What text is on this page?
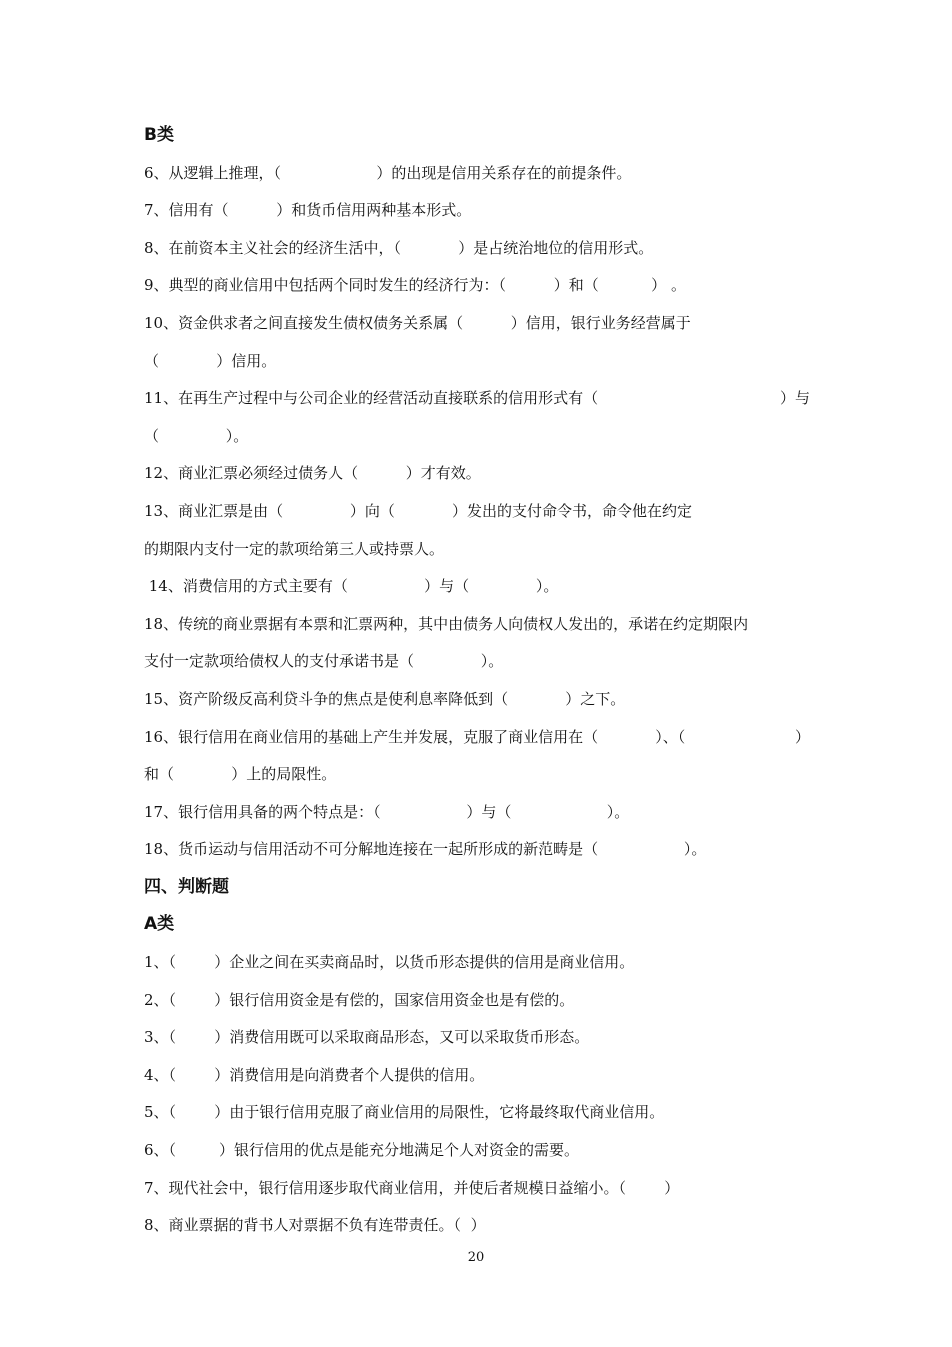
B类
6、从逻辑上推理，（                    ）的出现是信用关系存在的前提条件。
7、信用有（          ）和货币信用两种基本形式。
8、在前资本主义社会的经济生活中，（            ）是占统治地位的信用形式。
9、典型的商业信用中包括两个同时发生的经济行为：（          ）和（           ） 。
10、资金供求者之间直接发生债权债务关系属（          ）信用，银行业务经营属于
（            ）信用。
11、在再生产过程中与公司企业的经营活动直接联系的信用形式有（	）与
（              ）。
12、商业汇票必须经过债务人（          ）才有效。
13、商业汇票是由（              ）向（            ）发出的支付命令书，命令他在约定
的期限内支付一定的款项给第三人或持票人。
14、消费信用的方式主要有（                ）与（              ）。
18、传统的商业票据有本票和汇票两种，其中由债务人向债权人发出的，承诺在约定期限内
支付一定款项给债权人的支付承诺书是（              ）。
15、资产阶级反高利贷斗争的焦点是使利息率降低到（            ）之下。
16、银行信用在商业信用的基础上产生并发展，克服了商业信用在（            ）、（	）
和（            ）上的局限性。
17、银行信用具备的两个特点是：（                  ）与（                    ）。
18、货币运动与信用活动不可分解地连接在一起所形成的新范畴是（                  ）。
四、判断题
A类
1、（        ）企业之间在买卖商品时，以货币形态提供的信用是商业信用。
2、（        ）银行信用资金是有偿的，国家信用资金也是有偿的。
3、（        ）消费信用既可以采取商品形态，又可以采取货币形态。
4、（        ）消费信用是向消费者个人提供的信用。
5、（        ）由于银行信用克服了商业信用的局限性，它将最终取代商业信用。
6、（         ）银行信用的优点是能充分地满足个人对资金的需要。
7、现代社会中，银行信用逐步取代商业信用，并使后者规模日益缩小。（        ）
8、商业票据的背书人对票据不负有连带责任。（  ）
20
